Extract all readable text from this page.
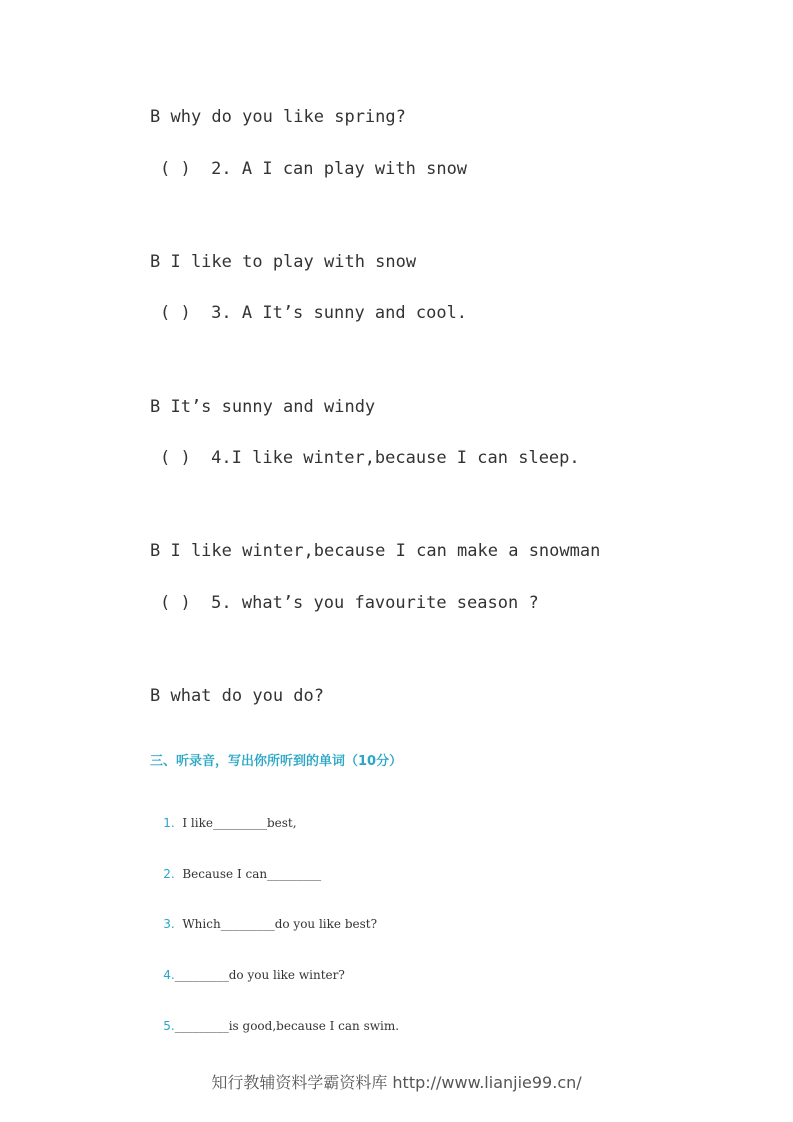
B why do you like spring?
( )  2. A I can play with snow
B I like to play with snow
( )  3. A It’s sunny and cool.
B It’s sunny and windy
( )  4.I like winter,because I can sleep.
B I like winter,because I can make a snowman
( )  5. what’s you favourite season ?
B what do you do?
三、听录音，写出你所听到的单词（10分）

1.  I like_________best,

2.  Because I can_________

3.  Which_________do you like best?

4._________do you like winter?

5._________is good,because I can swim.

知行教辅资料学霸资料库 http://www.lianjie99.cn/
